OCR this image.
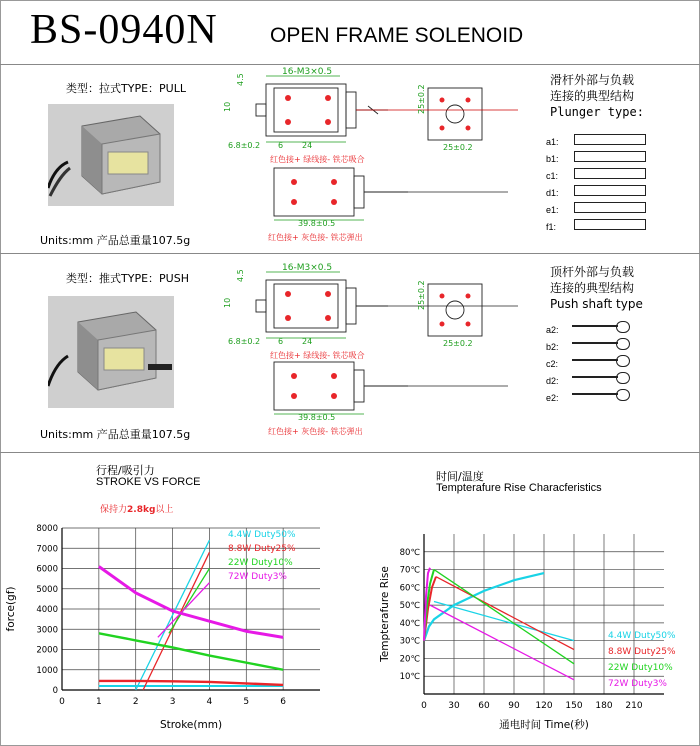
BS-0940N OPEN FRAME SOLENOID
类型：拉式TYPE：PULL
Units:mm 产品总重量107.5g
16-M3×0.5
4.5
10
6.8±0.2 6 24
25±0.2
25±0.2
红色接+ 绿线接- 铁芯吸合
39.8±0.5
红色接+ 灰色接- 铁芯弹出
滑杆外部与负载
连接的典型结构
Plunger type:
a1:
b1:
c1:
d1:
e1:
f1:
类型：推式TYPE：PUSH
Units:mm 产品总重量107.5g
16-M3×0.5
4.5
10
6.8±0.2 6 24
25±0.2
25±0.2
红色接+ 绿线接- 铁芯吸合
39.8±0.5
红色接+ 灰色接- 铁芯弹出
顶杆外部与负载
连接的典型结构
Push shaft type
a2:
b2:
c2:
d2:
e2:
行程/吸引力
STROKE VS FORCE
保持力2.8kg以上
0	1	2	3	4	5	6
0
1000
2000
3000
4000
5000
6000
7000
8000
4.4W Duty50%
8.8W Duty25%
22W Duty10%
72W Duty3%
Stroke(mm)
force(gf)
时间/温度
Tempterafure Rise Characferistics
0 30 60 90 120 150 180 210
10℃
20℃
30℃
40℃
50℃
60℃
70℃
80℃
4.4W Duty50%
8.8W Duty25%
22W Duty10%
72W Duty3%
通电时间 Time(秒)
Tempterafure Rise
